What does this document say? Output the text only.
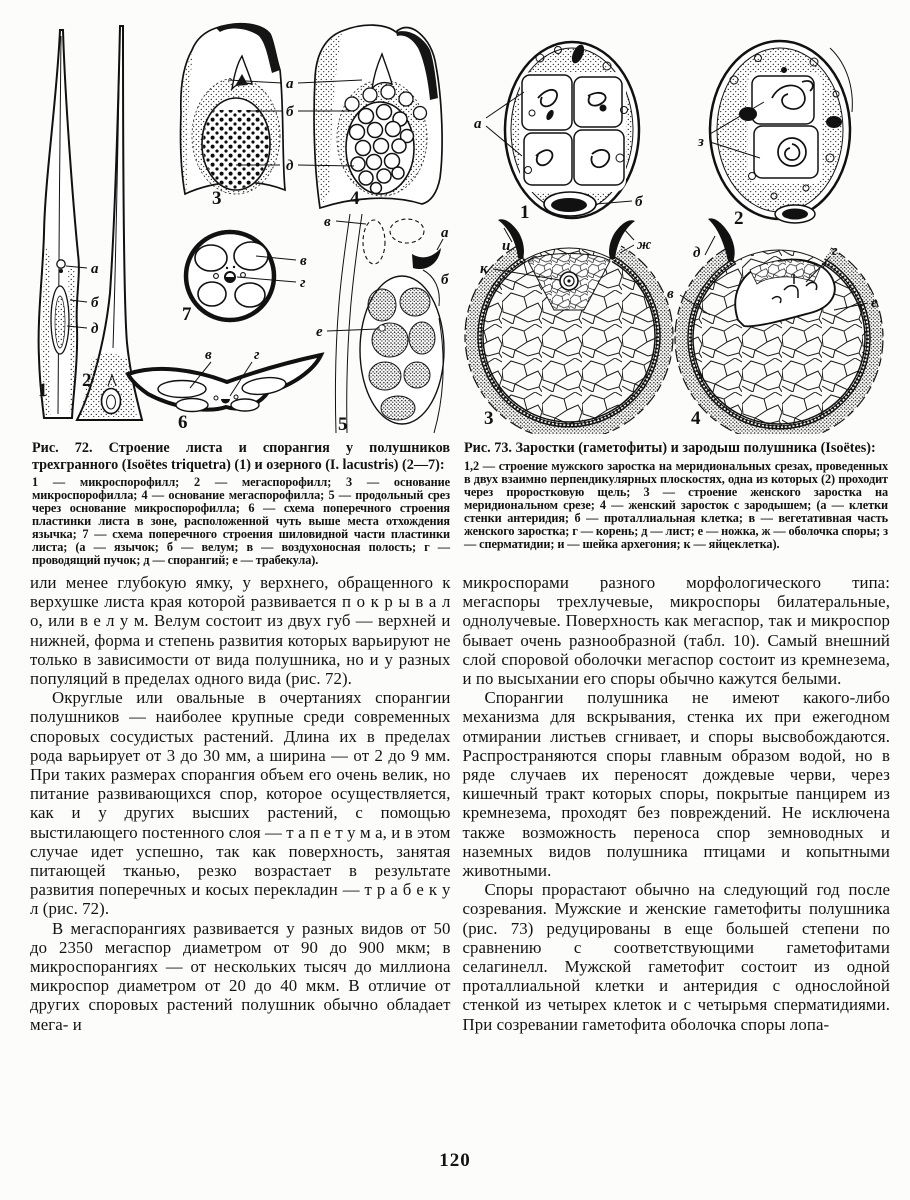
а
б
д
1 2
3	4
а
б
д
в
г
7
в	г
6
в
а
б
е
5

Рис. 72. Строение листа и спорангия у полушников трехгранного (Isoëtes triquetra) (1) и озерного (I. lacustris) (2—7):

1 — микроспорофилл; 2 — мегаспорофилл; 3 — основание микроспорофилла; 4 — основание мегаспорофилла; 5 — продольный срез через основание микроспорофилла; 6 — схема поперечного строения пластинки листа в зоне, расположенной чуть выше места отхождения язычка; 7 — схема поперечного строения шиловидной части пластинки листа; (а — язычок; б — велум; в — воздухоносная полость; г — проводящий пучок; д — спорангий; е — трабекула).

а
б
1
з
2
и	ж
к
3
д	г
в
е
4

Рис. 73. Заростки (гаметофиты) и зародыш полушника (Isoëtes):

1,2 — строение мужского заростка на меридиональных срезах, проведенных в двух взаимно перпендикулярных плоскостях, одна из которых (2) проходит через проростковую щель; 3 — строение женского заростка на меридиональном срезе; 4 — женский заросток с зародышем; (а — клетки стенки антеридия; б — проталлиальная клетка; в — вегетативная часть женского заростка; г — корень; д — лист; е — ножка, ж — оболочка споры; з — сперматидии; и — шейка архегония; к — яйцеклетка).

или менее глубокую ямку, у верхнего, обращенного к верхушке листа края которой развивается п о к р ы в а л о, или в е л у м. Велум состоит из двух губ — верхней и нижней, форма и степень развития которых варьируют не только в зависимости от вида полушника, но и у разных популяций в пределах одного вида (рис. 72).

Округлые или овальные в очертаниях спорангии полушников — наиболее крупные среди современных споровых сосудистых растений. Длина их в пределах рода варьирует от 3 до 30 мм, а ширина — от 2 до 9 мм. При таких размерах спорангия объем его очень велик, но питание развивающихся спор, которое осуществляется, как и у других высших растений, с помощью выстилающего постенного слоя — т а п е т у м а, и в этом случае идет успешно, так как поверхность, занятая питающей тканью, резко возрастает в результате развития поперечных и косых перекладин — т р а б е к у л (рис. 72).

В мегаспорангиях развивается у разных видов от 50 до 2350 мегаспор диаметром от 90 до 900 мкм; в микроспорангиях — от нескольких тысяч до миллиона микроспор диаметром от 20 до 40 мкм. В отличие от других споровых растений полушник обычно обладает мега- и

микроспорами разного морфологического типа: мегаспоры трехлучевые, микроспоры билатеральные, однолучевые. Поверхность как мегаспор, так и микроспор бывает очень разнообразной (табл. 10). Самый внешний слой споровой оболочки мегаспор состоит из кремнезема, и по высыхании его споры обычно кажутся белыми.

Спорангии полушника не имеют какого-либо механизма для вскрывания, стенка их при ежегодном отмирании листьев сгнивает, и споры высвобождаются. Распространяются споры главным образом водой, но в ряде случаев их переносят дождевые черви, через кишечный тракт которых споры, покрытые панцирем из кремнезема, проходят без повреждений. Не исключена также возможность переноса спор земноводных и наземных видов полушника птицами и копытными животными.

Споры прорастают обычно на следующий год после созревания. Мужские и женские гаметофиты полушника (рис. 73) редуцированы в еще большей степени по сравнению с соответствующими гаметофитами селагинелл. Мужской гаметофит состоит из одной проталлиальной клетки и антеридия с однослойной стенкой из четырех клеток и с четырьмя сперматидиями. При созревании гаметофита оболочка споры лопа-

120
